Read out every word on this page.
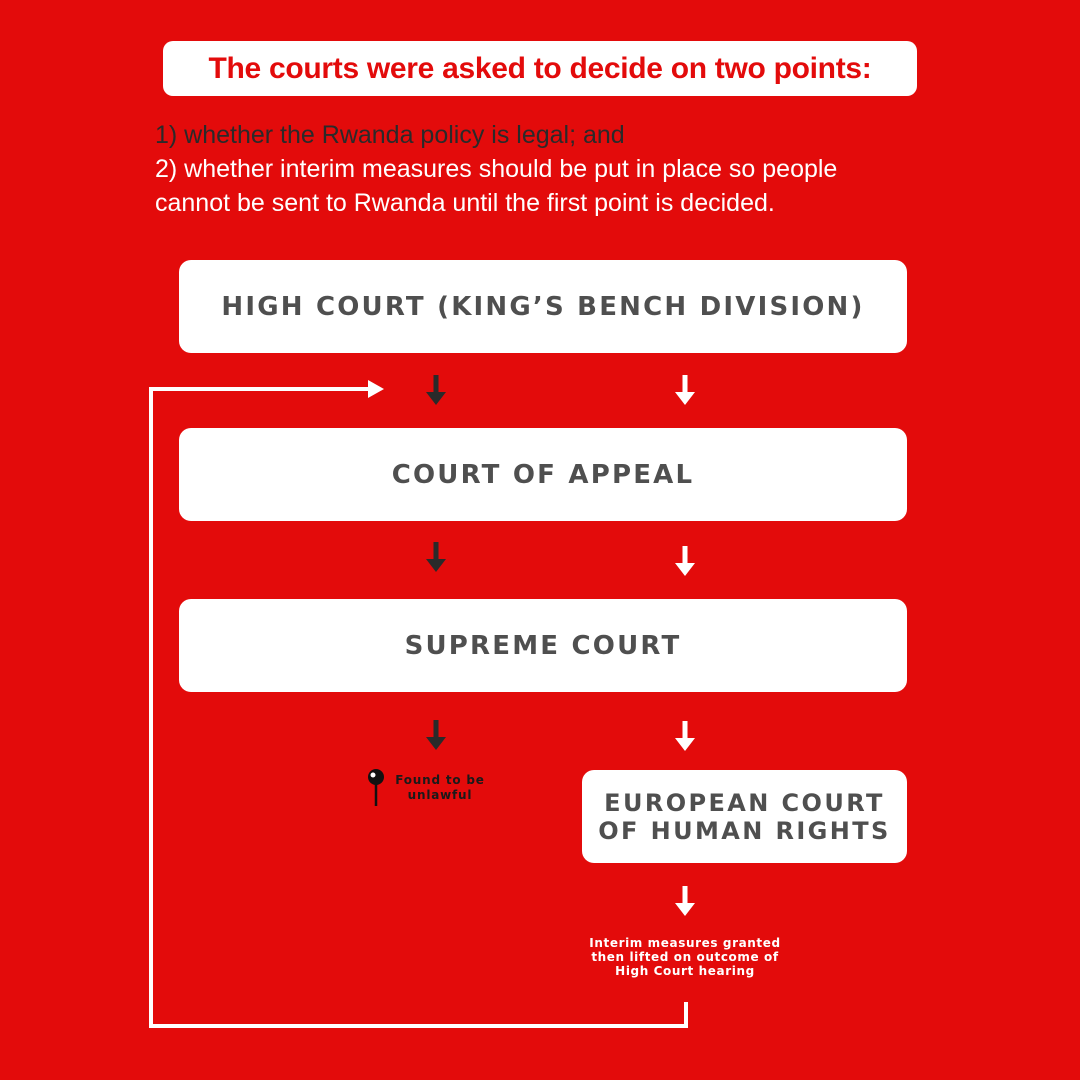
The courts were asked to decide on two points:
1) whether the Rwanda policy is legal; and
2) whether interim measures should be put in place so people
cannot be sent to Rwanda until the first point is decided.
HIGH COURT (KING’S BENCH DIVISION)
COURT OF APPEAL
SUPREME COURT
EUROPEAN COURT
OF HUMAN RIGHTS
Found to be
unlawful
Interim measures granted
then lifted on outcome of
High Court hearing
